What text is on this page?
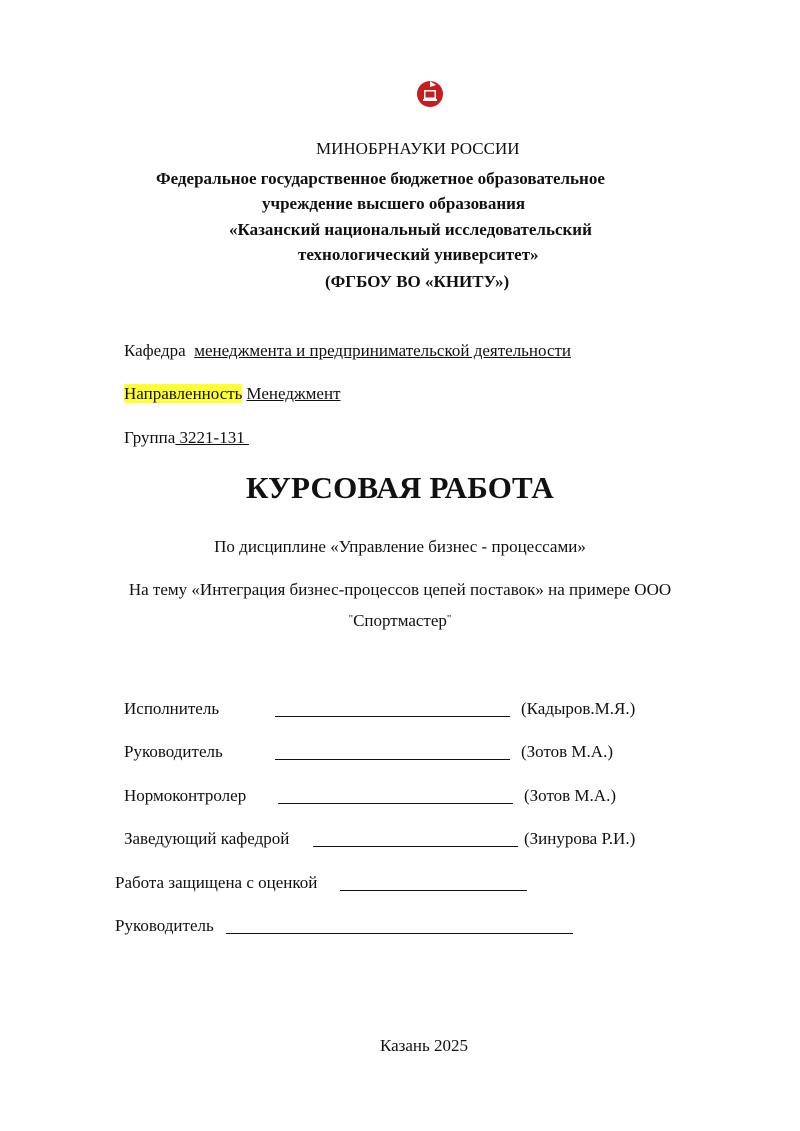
МИНОБРНАУКИ РОССИИ
Федеральное государственное бюджетное образовательное
учреждение высшего образования
«Казанский национальный исследовательский
технологический университет»
(ФГБОУ ВО «КНИТУ»)
Кафедра менеджмента и предпринимательской деятельности
Направленность Менеджмент
Группа 3221-131
КУРСОВАЯ РАБОТА
По дисциплине «Управление бизнес - процессами»
На тему «Интеграция бизнес-процессов цепей поставок» на примере ООО
"Спортмастер"
Исполнитель	(Кадыров.М.Я.)
Руководитель	(Зотов М.А.)
Нормоконтролер	(Зотов М.А.)
Заведующий кафедрой	(Зинурова Р.И.)
Работа защищена с оценкой
Руководитель
Казань 2025
